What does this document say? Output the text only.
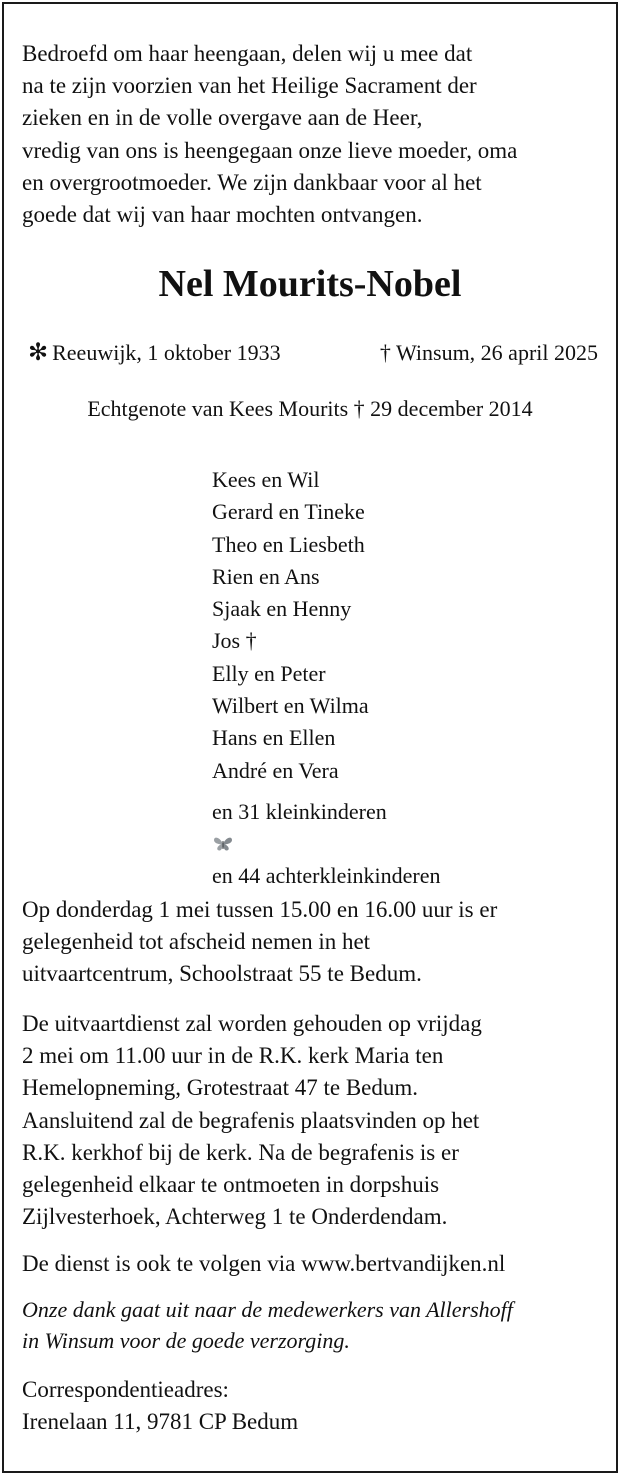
Bedroefd om haar heengaan, delen wij u mee dat
na te zijn voorzien van het Heilige Sacrament der
zieken en in de volle overgave aan de Heer,
vredig van ons is heengegaan onze lieve moeder, oma
en overgrootmoeder. We zijn dankbaar voor al het
goede dat wij van haar mochten ontvangen.

Nel Mourits-Nobel
✻ Reeuwijk, 1 oktober 1933	† Winsum, 26 april 2025

Echtgenote van Kees Mourits † 29 december 2014

Kees en Wil
Gerard en Tineke
Theo en Liesbeth
Rien en Ans
Sjaak en Henny
Jos †
Elly en Peter
Wilbert en Wilma
Hans en Ellen
André en Vera
en 31 kleinkinderen
en 44 achterkleinkinderen

Op donderdag 1 mei tussen 15.00 en 16.00 uur is er
gelegenheid tot afscheid nemen in het
uitvaartcentrum, Schoolstraat 55 te Bedum.

De uitvaartdienst zal worden gehouden op vrijdag
2 mei om 11.00 uur in de R.K. kerk Maria ten
Hemelopneming, Grotestraat 47 te Bedum.
Aansluitend zal de begrafenis plaatsvinden op het
R.K. kerkhof bij de kerk. Na de begrafenis is er
gelegenheid elkaar te ontmoeten in dorpshuis
Zijlvesterhoek, Achterweg 1 te Onderdendam.

De dienst is ook te volgen via www.bertvandijken.nl

Onze dank gaat uit naar de medewerkers van Allershoff
in Winsum voor de goede verzorging.

Correspondentieadres:
Irenelaan 11, 9781 CP Bedum
